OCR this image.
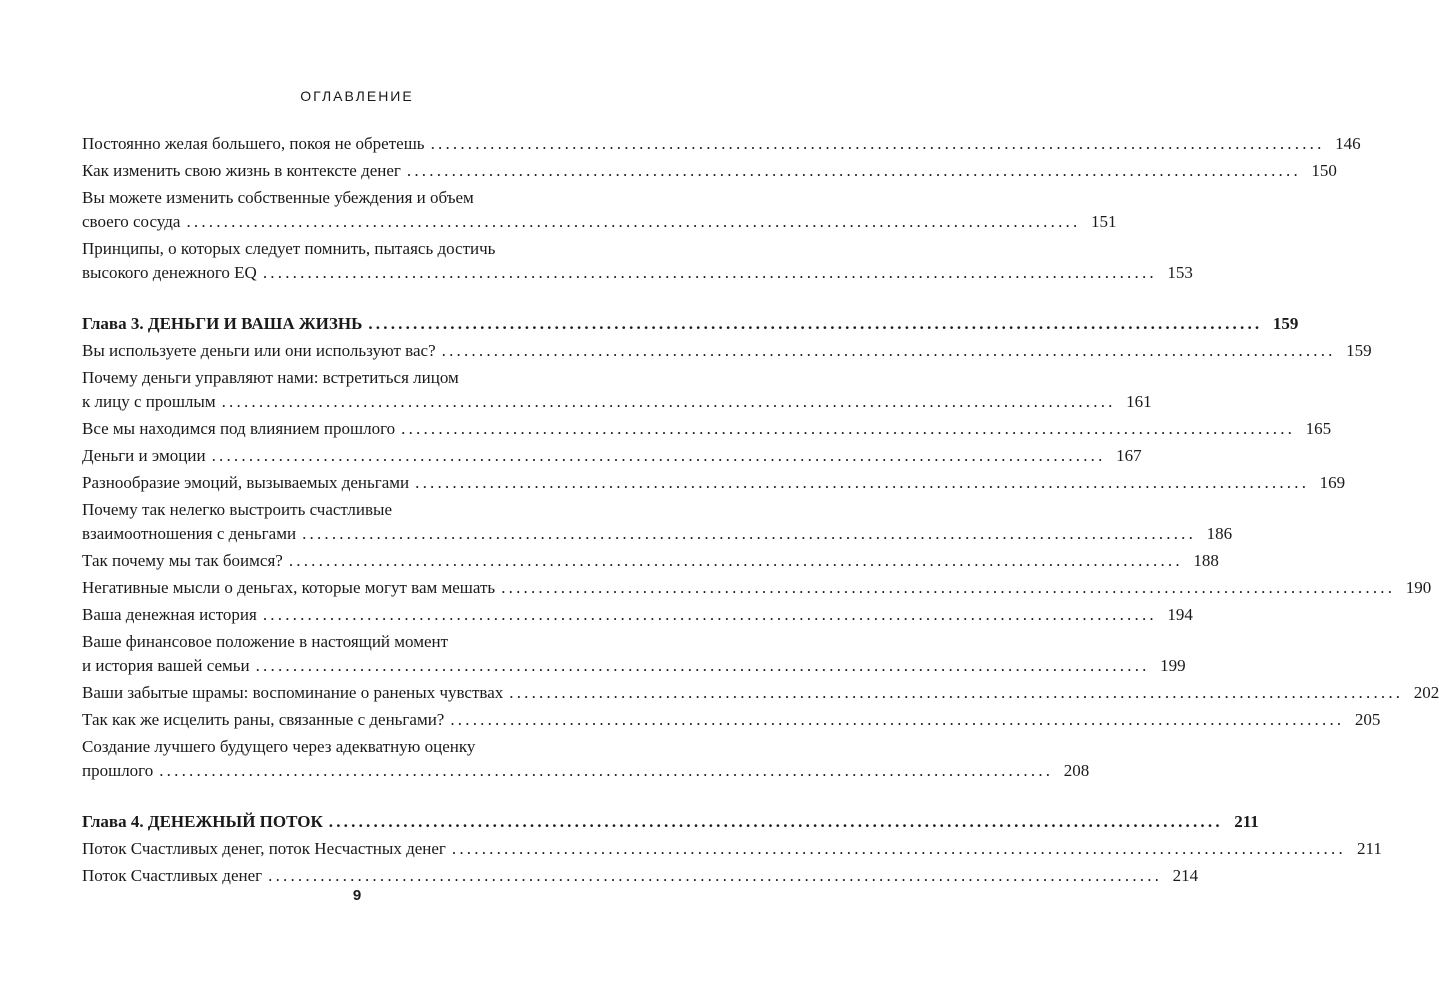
ОГЛАВЛЕНИЕ
Постоянно желая большего, покоя не обретешь ........................................................................................................................ 146
Как изменить свою жизнь в контексте денег ........................................................................................................................ 150
Вы можете изменить собственные убеждения и объем
своего сосуда ........................................................................................................................ 151
Принципы, о которых следует помнить, пытаясь достичь
высокого денежного EQ ........................................................................................................................ 153
Глава 3. ДЕНЬГИ И ВАША ЖИЗНЬ ........................................................................................................................ 159
Вы используете деньги или они используют вас? ........................................................................................................................ 159
Почему деньги управляют нами: встретиться лицом
к лицу с прошлым ........................................................................................................................ 161
Все мы находимся под влиянием прошлого ........................................................................................................................ 165
Деньги и эмоции ........................................................................................................................ 167
Разнообразие эмоций, вызываемых деньгами ........................................................................................................................ 169
Почему так нелегко выстроить счастливые
взаимоотношения с деньгами ........................................................................................................................ 186
Так почему мы так боимся? ........................................................................................................................ 188
Негативные мысли о деньгах, которые могут вам мешать ........................................................................................................................ 190
Ваша денежная история ........................................................................................................................ 194
Ваше финансовое положение в настоящий момент
и история вашей семьи ........................................................................................................................ 199
Ваши забытые шрамы: воспоминание о раненых чувствах ........................................................................................................................ 202
Так как же исцелить раны, связанные с деньгами? ........................................................................................................................ 205
Создание лучшего будущего через адекватную оценку
прошлого ........................................................................................................................ 208
Глава 4. ДЕНЕЖНЫЙ ПОТОК ........................................................................................................................ 211
Поток Счастливых денег, поток Несчастных денег ........................................................................................................................ 211
Поток Счастливых денег ........................................................................................................................ 214
9
